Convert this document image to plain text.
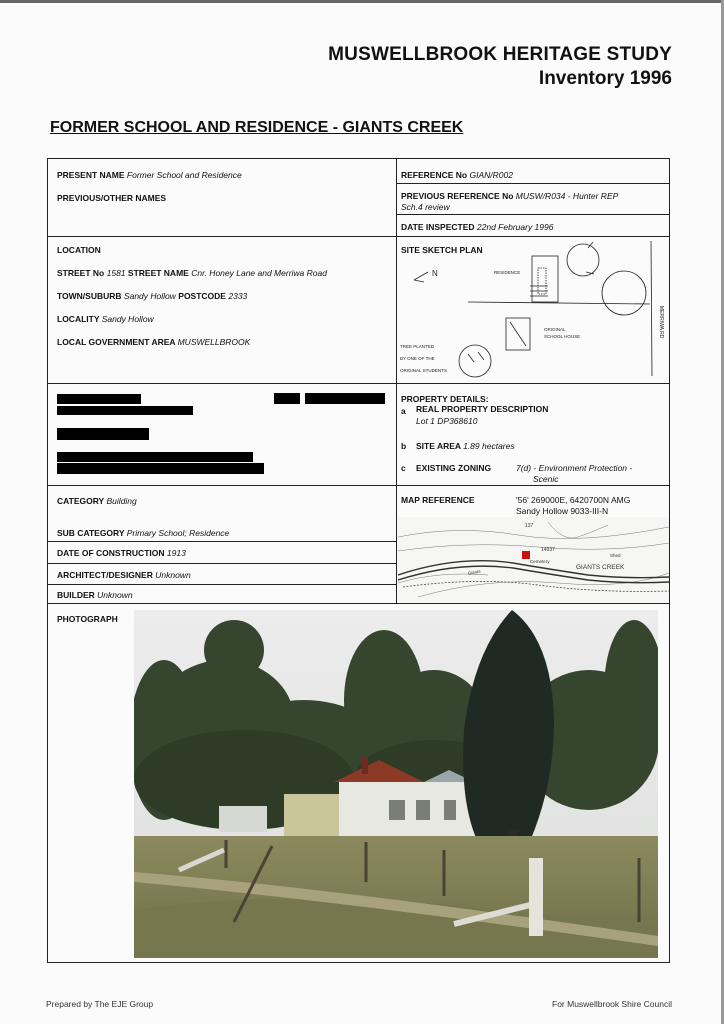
MUSWELLBROOK HERITAGE STUDY
Inventory 1996
FORMER SCHOOL AND RESIDENCE - GIANTS CREEK
PRESENT NAME Former School and Residence
PREVIOUS/OTHER NAMES
REFERENCE No GIAN/R002
PREVIOUS REFERENCE No MUSW/R034 - Hunter REP
Sch.4 review
DATE INSPECTED 22nd February 1996
LOCATION
STREET No 1581 STREET NAME Cnr. Honey Lane and Merriwa Road
TOWN/SUBURB Sandy Hollow POSTCODE 2333
LOCALITY Sandy Hollow
LOCAL GOVERNMENT AREA MUSWELLBROOK
SITE SKETCH PLAN
N	RESIDENCE
ORIGINAL
SCHOOL HOUSE
TREE PLANTED
BY ONE OF THE
ORIGINAL STUDENTS
MERRIWA RD
PROPERTY DETAILS:
a REAL PROPERTY DESCRIPTION
Lot 1 DP368610
b SITE AREA 1.89 hectares
c EXISTING ZONING	7(d) - Environment Protection -
Scenic
CATEGORY Building
SUB CATEGORY Primary School; Residence
DATE OF CONSTRUCTION 1913
ARCHITECT/DESIGNER Unknown
BUILDER Unknown
MAP REFERENCE	'56' 269000E, 6420700N AMG
Sandy Hollow 9033-III-N
GIANTS CREEK
Cemetery
Shed
Giants
137
14937
PHOTOGRAPH
Prepared by The EJE Group	For Muswellbrook Shire Council
